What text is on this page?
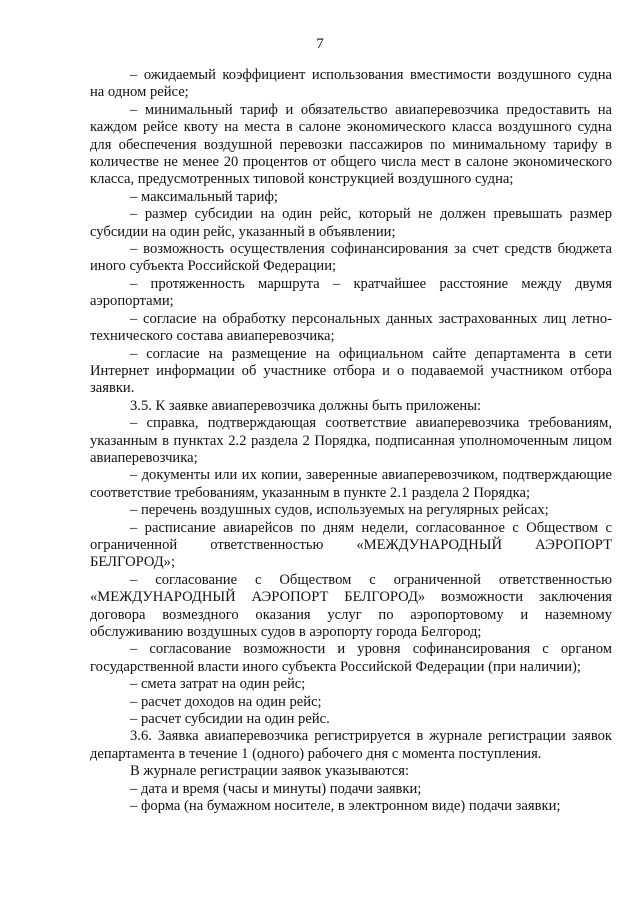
7

– ожидаемый коэффициент использования вместимости воздушного судна на одном рейсе;

– минимальный тариф и обязательство авиаперевозчика предоставить на каждом рейсе квоту на места в салоне экономического класса воздушного судна для обеспечения воздушной перевозки пассажиров по минимальному тарифу в количестве не менее 20 процентов от общего числа мест в салоне экономического класса, предусмотренных типовой конструкцией воздушного судна;

– максимальный тариф;

– размер субсидии на один рейс, который не должен превышать размер субсидии на один рейс, указанный в объявлении;

– возможность осуществления софинансирования за счет средств бюджета иного субъекта Российской Федерации;

– протяженность маршрута – кратчайшее расстояние между двумя аэропортами;

– согласие на обработку персональных данных застрахованных лиц летно-технического состава авиаперевозчика;

– согласие на размещение на официальном сайте департамента в сети Интернет информации об участнике отбора и о подаваемой участником отбора заявки.

3.5. К заявке авиаперевозчика должны быть приложены:

– справка, подтверждающая соответствие авиаперевозчика требованиям, указанным в пунктах 2.2 раздела 2 Порядка, подписанная уполномоченным лицом авиаперевозчика;

– документы или их копии, заверенные авиаперевозчиком, подтверждающие соответствие требованиям, указанным в пункте 2.1 раздела 2 Порядка;

– перечень воздушных судов, используемых на регулярных рейсах;

– расписание авиарейсов по дням недели, согласованное с Обществом с ограниченной ответственностью «МЕЖДУНАРОДНЫЙ АЭРОПОРТ БЕЛГОРОД»;

– согласование с Обществом с ограниченной ответственностью «МЕЖДУНАРОДНЫЙ АЭРОПОРТ БЕЛГОРОД» возможности заключения договора возмездного оказания услуг по аэропортовому и наземному обслуживанию воздушных судов в аэропорту города Белгород;

– согласование возможности и уровня софинансирования с органом государственной власти иного субъекта Российской Федерации (при наличии);

– смета затрат на один рейс;

– расчет доходов на один рейс;

– расчет субсидии на один рейс.

3.6. Заявка авиаперевозчика регистрируется в журнале регистрации заявок департамента в течение 1 (одного) рабочего дня с момента поступления.

В журнале регистрации заявок указываются:

– дата и время (часы и минуты) подачи заявки;

– форма (на бумажном носителе, в электронном виде) подачи заявки;
